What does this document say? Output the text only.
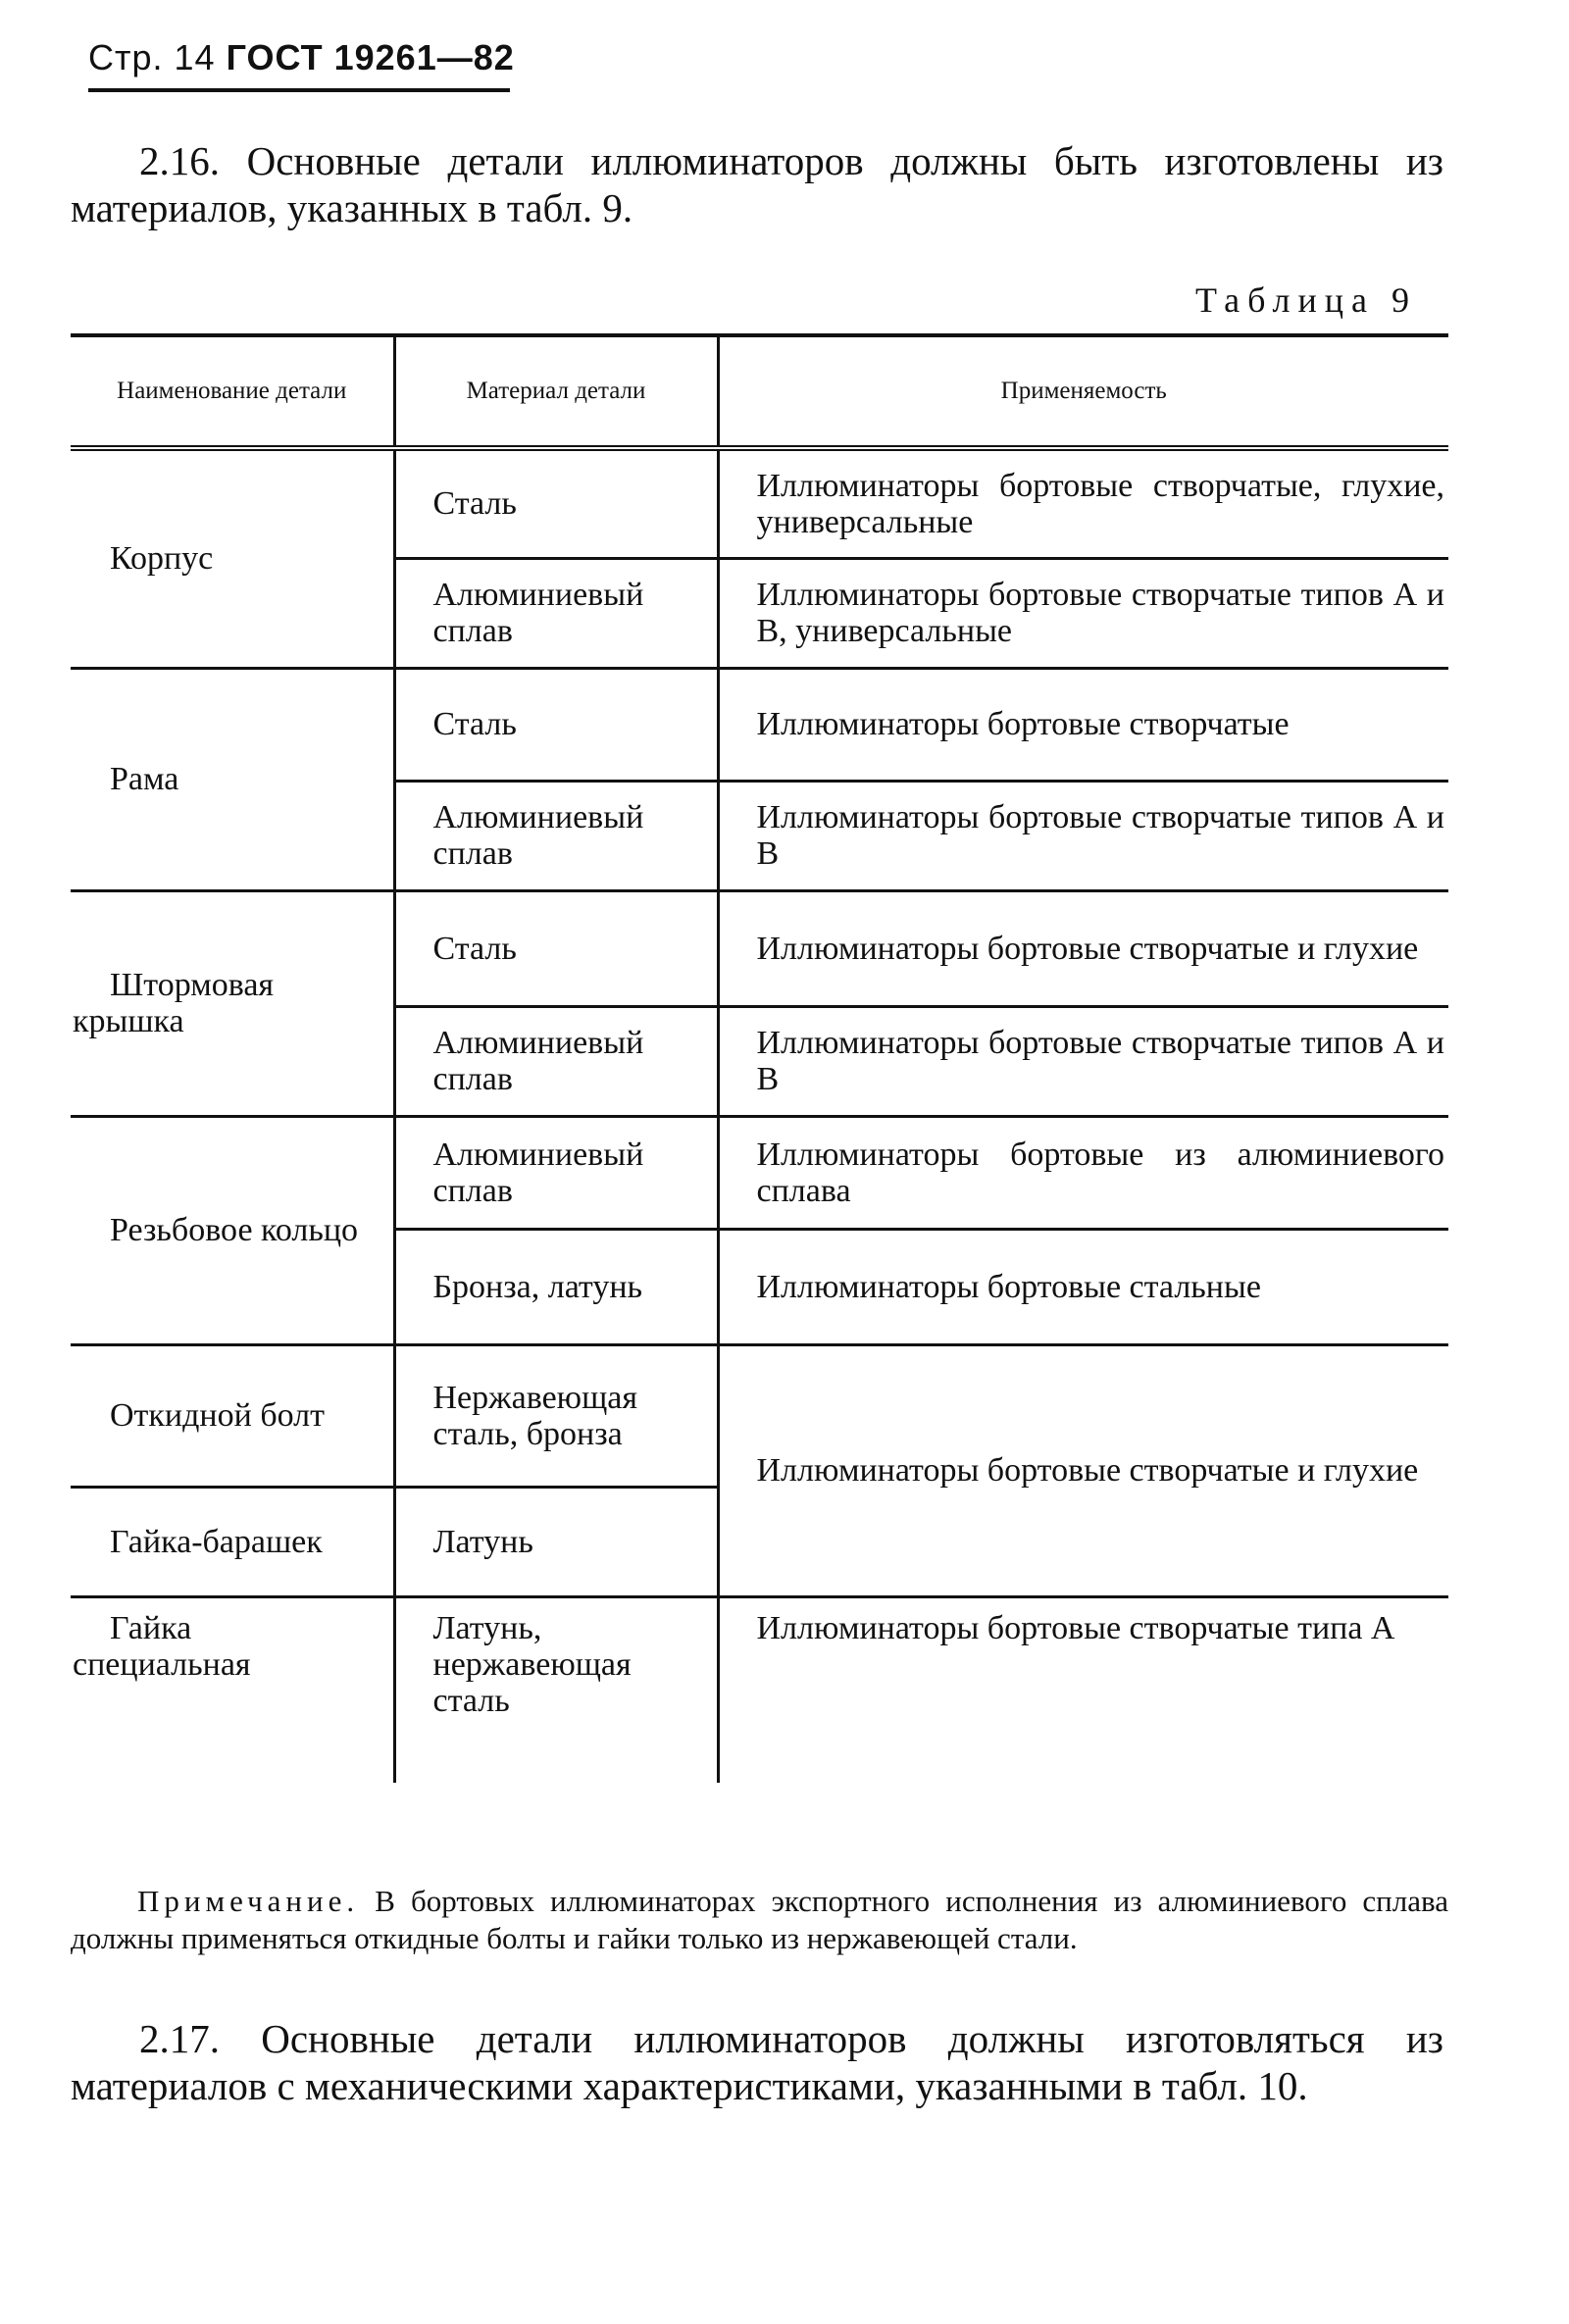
Стр. 14 ГОСТ 19261—82
2.16. Основные детали иллюминаторов должны быть изготовлены из материалов, указанных в табл. 9.
Таблица 9
Наименование детали	Материал детали	Применяемость
Корпус	Сталь	Иллюминаторы бортовые створчатые, глухие, универсальные
	Алюминиевый сплав	Иллюминаторы бортовые створчатые типов А и В, универсальные
Рама	Сталь	Иллюминаторы бортовые створчатые
	Алюминиевый сплав	Иллюминаторы бортовые створчатые типов А и В
Штормовая крышка	Сталь	Иллюминаторы бортовые створчатые и глухие
	Алюминиевый сплав	Иллюминаторы бортовые створчатые типов А и В
Резьбовое кольцо	Алюминиевый сплав	Иллюминаторы бортовые из алюминиевого сплава
	Бронза, латунь	Иллюминаторы бортовые стальные
Откидной болт	Нержавеющая сталь, бронза	Иллюминаторы бортовые створчатые и глухие
Гайка-барашек	Латунь	
Гайка специальная	Латунь, нержавеющая сталь	Иллюминаторы бортовые створчатые типа А
Примечание. В бортовых иллюминаторах экспортного исполнения из алюминиевого сплава должны применяться откидные болты и гайки только из нержавеющей стали.
2.17. Основные детали иллюминаторов должны изготовляться из материалов с механическими характеристиками, указанными в табл. 10.
